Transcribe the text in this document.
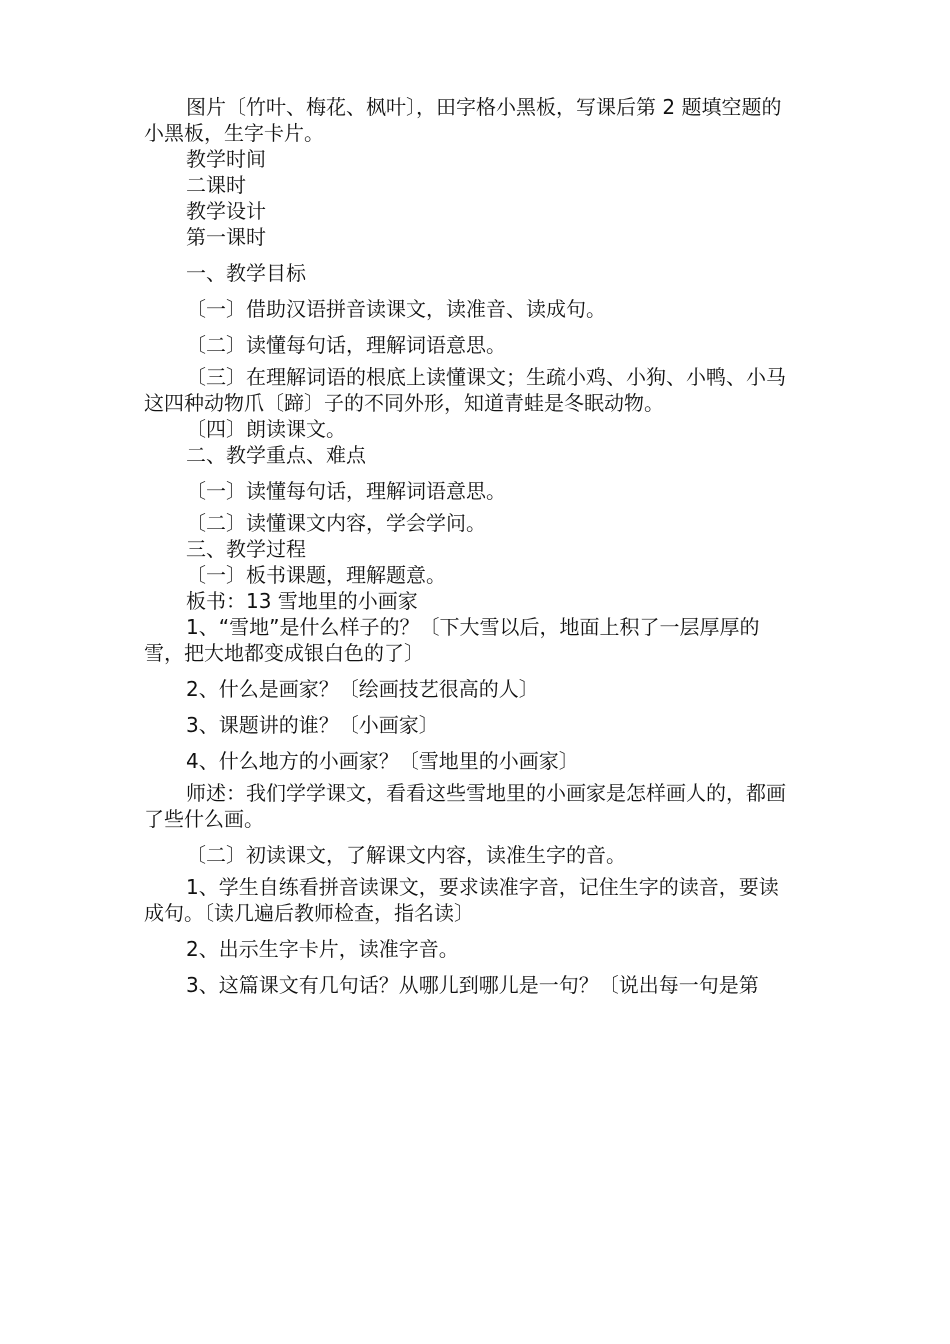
图片〔竹叶、梅花、枫叶〕，田字格小黑板，写课后第 2 题填空题的小黑板，生字卡片。

教学时间

二课时

教学设计

第一课时

一、教学目标

〔一〕借助汉语拼音读课文，读准音、读成句。

〔二〕读懂每句话，理解词语意思。

〔三〕在理解词语的根底上读懂课文；生疏小鸡、小狗、小鸭、小马这四种动物爪〔蹄〕子的不同外形，知道青蛙是冬眠动物。

〔四〕朗读课文。

二、教学重点、难点

〔一〕读懂每句话，理解词语意思。

〔二〕读懂课文内容，学会学问。

三、教学过程

〔一〕板书课题，理解题意。

板书：13 雪地里的小画家

1、“雪地”是什么样子的？〔下大雪以后，地面上积了一层厚厚的雪，把大地都变成银白色的了〕

2、什么是画家？〔绘画技艺很高的人〕

3、课题讲的谁？〔小画家〕

4、什么地方的小画家？〔雪地里的小画家〕

师述：我们学学课文，看看这些雪地里的小画家是怎样画人的，都画了些什么画。

〔二〕初读课文，了解课文内容，读准生字的音。

1、学生自练看拼音读课文，要求读准字音，记住生字的读音，要读成句。〔读几遍后教师检查，指名读〕

2、出示生字卡片，读准字音。

3、这篇课文有几句话？从哪儿到哪儿是一句？〔说出每一句是第
